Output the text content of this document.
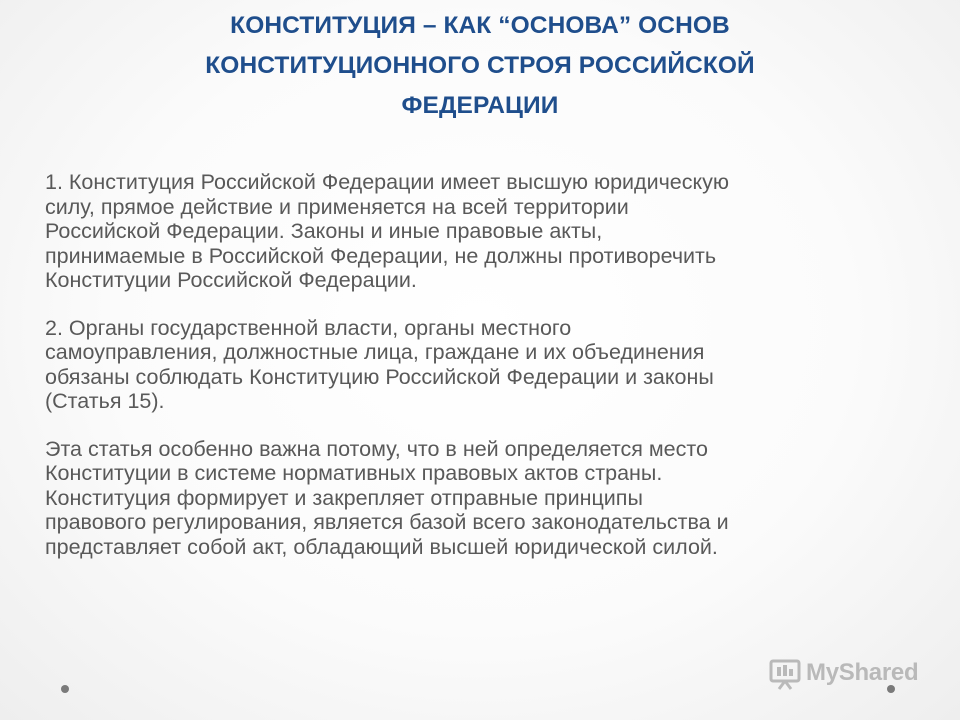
КОНСТИТУЦИЯ – КАК “ОСНОВА” ОСНОВ
КОНСТИТУЦИОННОГО СТРОЯ РОССИЙСКОЙ
ФЕДЕРАЦИИ

1. Конституция Российской Федерации имеет высшую юридическую
силу, прямое действие и применяется на всей территории
Российской Федерации. Законы и иные правовые акты,
принимаемые в Российской Федерации, не должны противоречить
Конституции Российской Федерации.

2. Органы государственной власти, органы местного
самоуправления, должностные лица, граждане и их объединения
обязаны соблюдать Конституцию Российской Федерации и законы
(Статья 15).

Эта статья особенно важна потому, что в ней определяется место
Конституции в системе нормативных правовых актов страны.
Конституция формирует и закрепляет отправные принципы
правового регулирования, является базой всего законодательства и
представляет собой акт, обладающий высшей юридической силой.

MyShared
